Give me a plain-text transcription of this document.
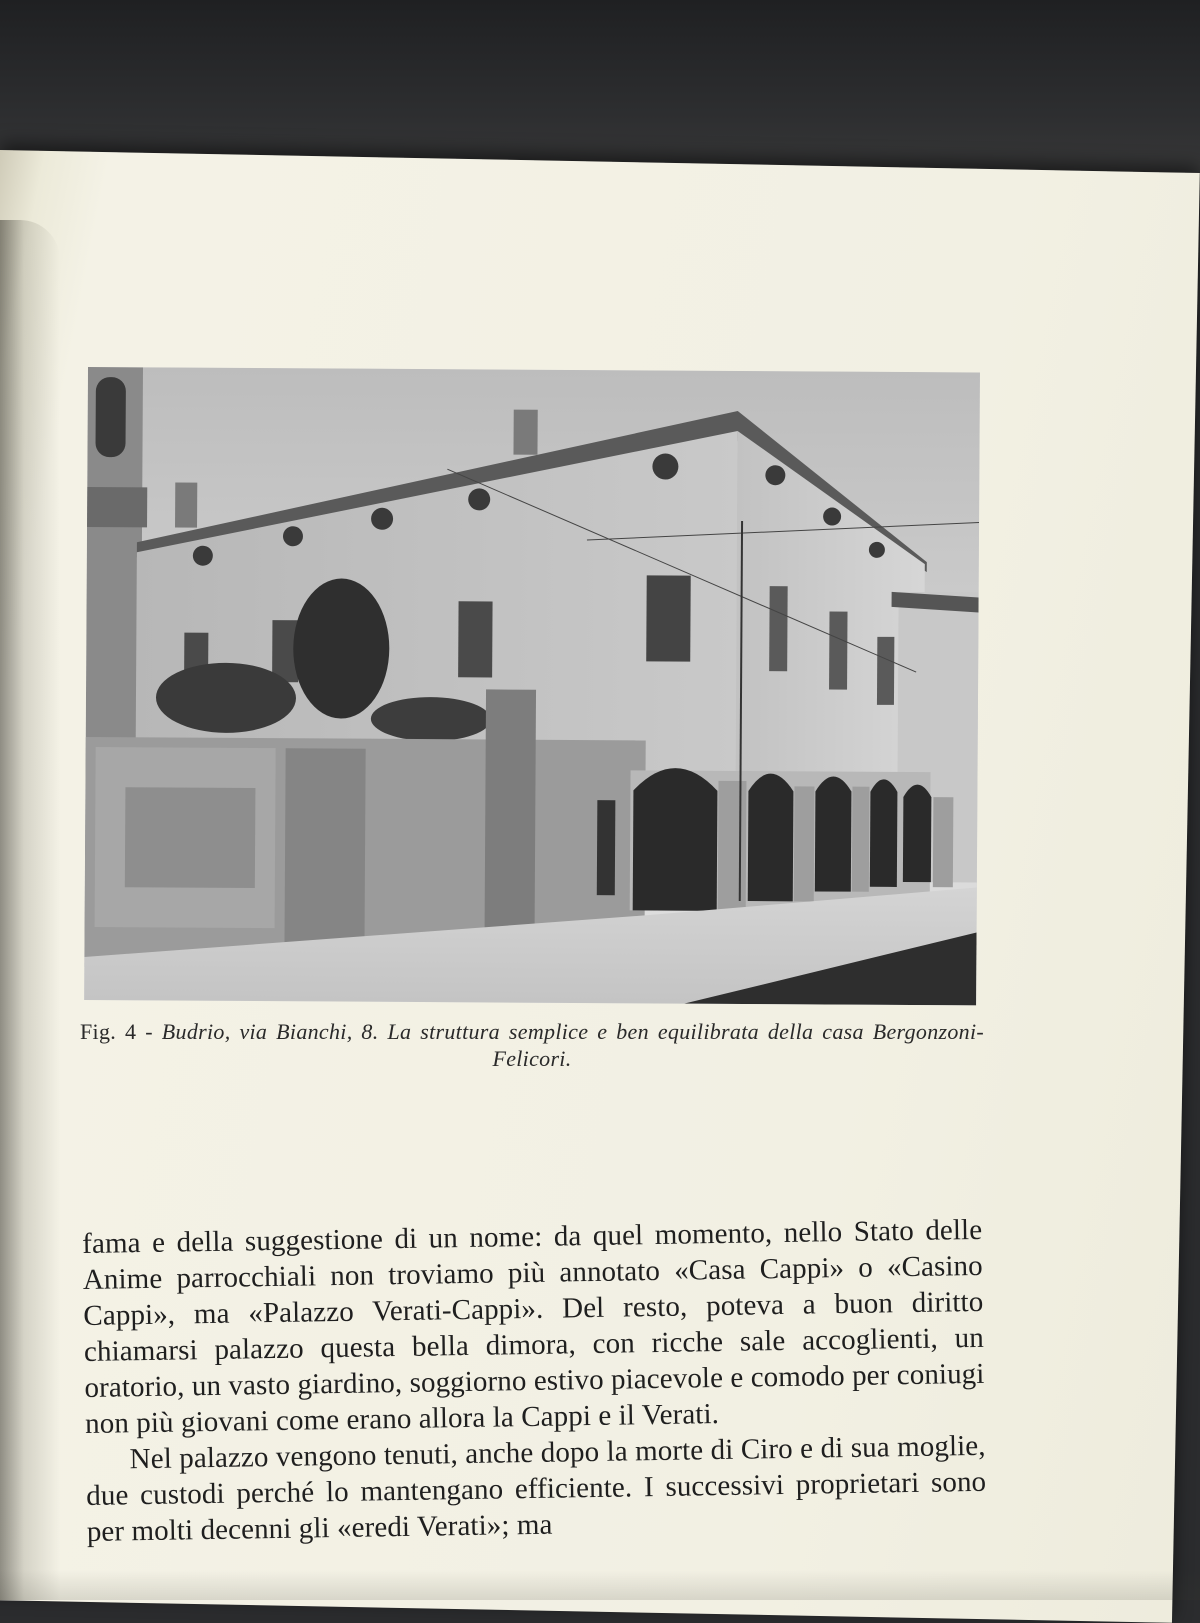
Fig. 4 - Budrio, via Bianchi, 8. La struttura semplice e ben equilibrata della casa Bergonzoni-Felicori.

fama e della suggestione di un nome: da quel momento, nello Stato delle Anime parrocchiali non troviamo più annotato «Casa Cappi» o «Casino Cappi», ma «Palazzo Verati-Cappi». Del resto, poteva a buon diritto chiamarsi palazzo questa bella dimora, con ricche sale accoglienti, un oratorio, un vasto giardino, soggiorno estivo piacevole e comodo per coniugi non più giovani come erano allora la Cappi e il Verati.

Nel palazzo vengono tenuti, anche dopo la morte di Ciro e di sua moglie, due custodi perché lo mantengano efficiente. I successivi proprietari sono per molti decenni gli «eredi Verati»; ma
